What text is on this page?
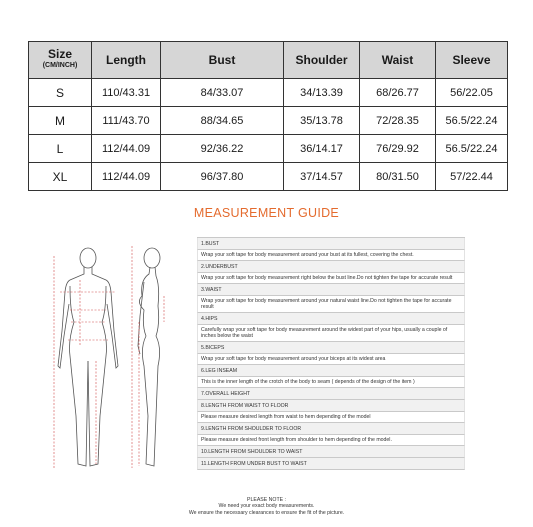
Size
(CM/INCH)	Length	Bust	Shoulder	Waist	Sleeve
S	110/43.31	84/33.07	34/13.39	68/26.77	56/22.05
M	111/43.70	88/34.65	35/13.78	72/28.35	56.5/22.24
L	112/44.09	92/36.22	36/14.17	76/29.92	56.5/22.24
XL	112/44.09	96/37.80	37/14.57	80/31.50	57/22.44
MEASUREMENT GUIDE
1.BUST
Wrap your soft tape for body measurement around your bust at its fullest, covering the chest.
2.UNDERBUST
Wrap your soft tape for body measurement right below the bust line.Do not tighten the tape for accurate result
3.WAIST
Wrap your soft tape for body measurement around your natural waist line.Do not tighten the tape for accurate result
4.HIPS
Carefully wrap your soft tape for body measurement around the widest part of your hips, usually a couple of inches below the waist
5.BICEPS
Wrap your soft tape for body measurement around your biceps at its widest area
6.LEG INSEAM
This is the inner length of the crotch of the body to seam ( depends of the design of the item )
7.OVERALL HEIGHT
8.LENGTH FROM WAIST TO FLOOR
Please measure desired length from waist to hem depending of the model
9.LENGTH FROM SHOULDER TO FLOOR
Please measure desired front length from shoulder to hem depending of the model.
10.LENGTH FROM SHOULDER TO WAIST
11.LENGTH FROM UNDER BUST TO WAIST
PLEASE NOTE :
We need your exact body measurements.
We ensure the necessary clearances to ensure the fit of the picture.
